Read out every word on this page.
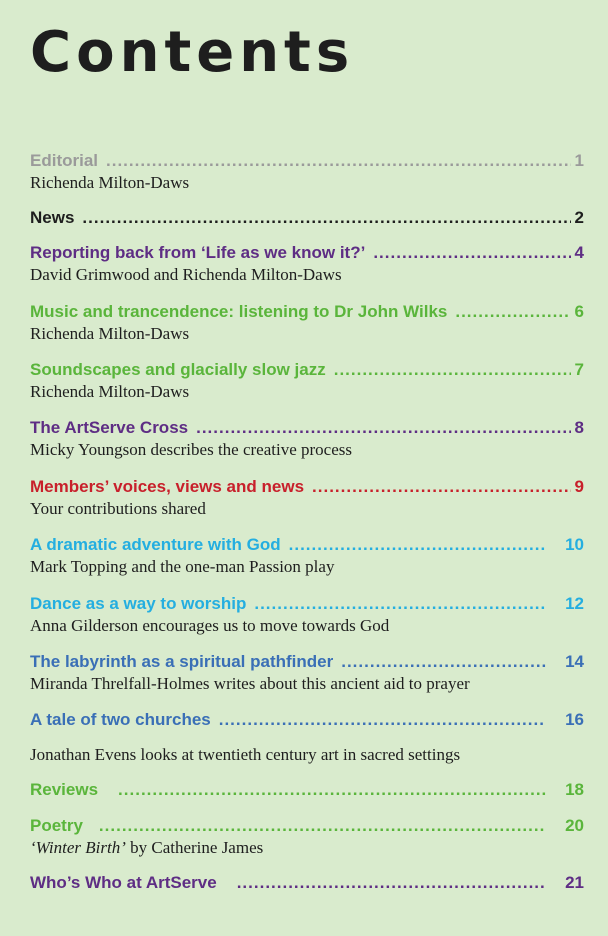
Contents
Editorial .....	1
Richenda Milton-Daws
News .....	2
Reporting back from ‘Life as we know it?’ .....	4
David Grimwood and Richenda Milton-Daws
Music and trancendence: listening to Dr John Wilks .....	6
Richenda Milton-Daws
Soundscapes and glacially slow jazz .....	7
Richenda Milton-Daws
The ArtServe Cross .....	8
Micky Youngson describes the creative process
Members’ voices, views and news .....	9
Your contributions shared
A dramatic adventure with God .....	10
Mark Topping and the one-man Passion play
Dance as a way to worship .....	12
Anna Gilderson encourages us to move towards God
The labyrinth as a spiritual pathfinder .....	14
Miranda Threlfall-Holmes writes about this ancient aid to prayer
A tale of two churches .....	16
Jonathan Evens looks at twentieth century art in sacred settings
Reviews .....	18
Poetry .....	20
‘Winter Birth’ by Catherine James
Who’s Who at ArtServe .....	21
